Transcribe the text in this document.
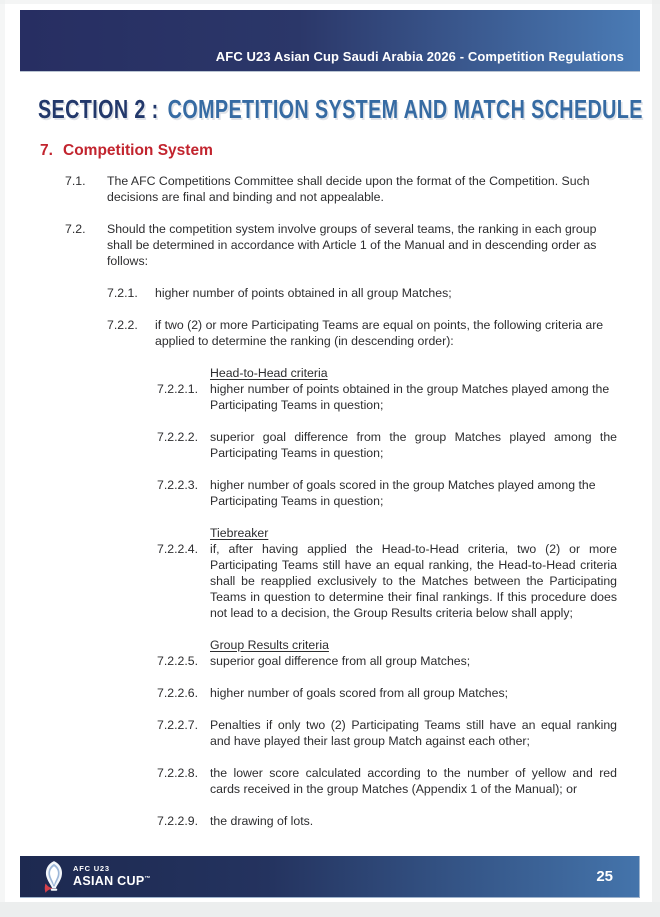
AFC U23 Asian Cup Saudi Arabia 2026 - Competition Regulations
SECTION 2 : COMPETITION SYSTEM AND MATCH SCHEDULE
7. Competition System
7.1.	The AFC Competitions Committee shall decide upon the format of the Competition. Such decisions are final and binding and not appealable.
7.2.	Should the competition system involve groups of several teams, the ranking in each group shall be determined in accordance with Article 1 of the Manual and in descending order as follows:
7.2.1.	higher number of points obtained in all group Matches;
7.2.2.	if two (2) or more Participating Teams are equal on points, the following criteria are applied to determine the ranking (in descending order):
Head-to-Head criteria
7.2.2.1. higher number of points obtained in the group Matches played among the Participating Teams in question;
7.2.2.2. superior goal difference from the group Matches played among the Participating Teams in question;
7.2.2.3. higher number of goals scored in the group Matches played among the Participating Teams in question;
Tiebreaker
7.2.2.4. if, after having applied the Head-to-Head criteria, two (2) or more Participating Teams still have an equal ranking, the Head-to-Head criteria shall be reapplied exclusively to the Matches between the Participating Teams in question to determine their final rankings. If this procedure does not lead to a decision, the Group Results criteria below shall apply;
Group Results criteria
7.2.2.5. superior goal difference from all group Matches;
7.2.2.6. higher number of goals scored from all group Matches;
7.2.2.7. Penalties if only two (2) Participating Teams still have an equal ranking and have played their last group Match against each other;
7.2.2.8. the lower score calculated according to the number of yellow and red cards received in the group Matches (Appendix 1 of the Manual); or
7.2.2.9. the drawing of lots.
AFC U23
ASIAN CUP™	25
